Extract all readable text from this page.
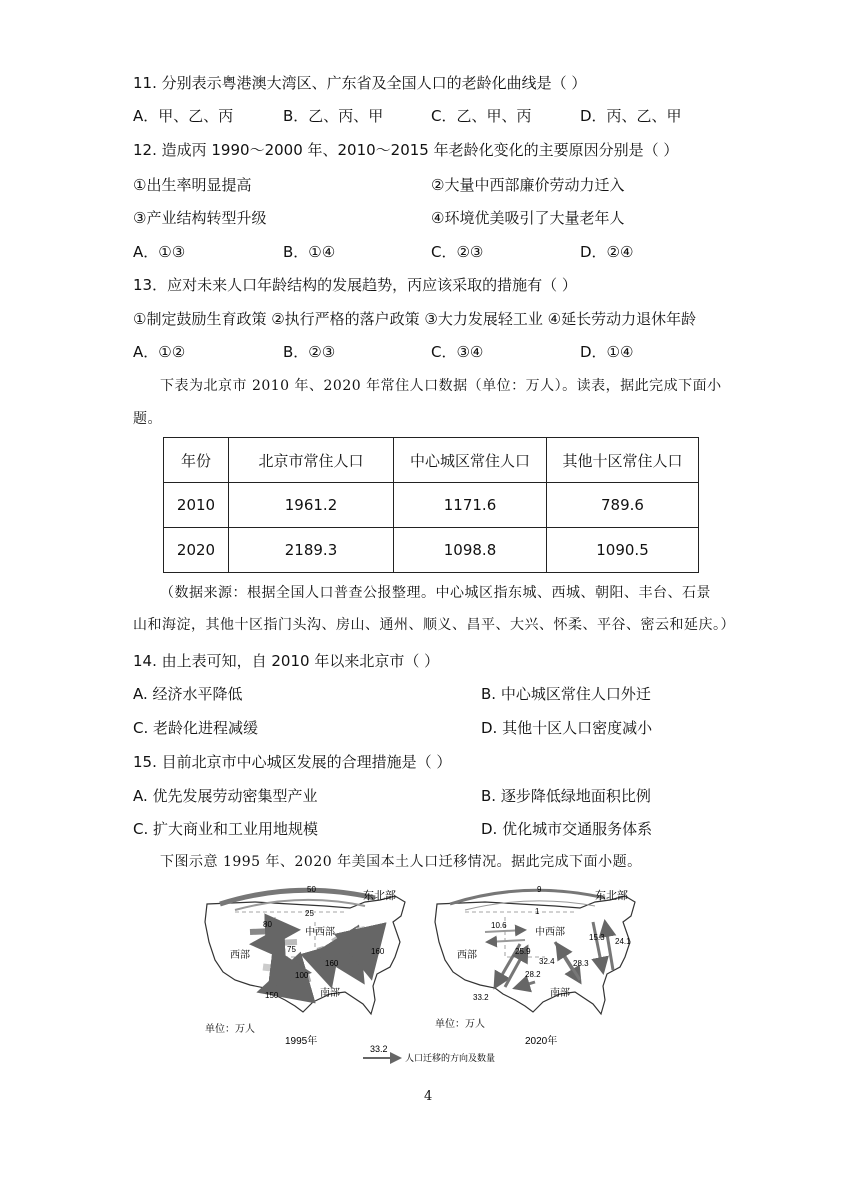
11. 分别表示粤港澳大湾区、广东省及全国人口的老龄化曲线是（ ）
A．甲、乙、丙	B．乙、丙、甲	C．乙、甲、丙	D．丙、乙、甲
12. 造成丙 1990～2000 年、2010～2015 年老龄化变化的主要原因分别是（ ）
①出生率明显提高	②大量中西部廉价劳动力迁入
③产业结构转型升级	④环境优美吸引了大量老年人
A．①③	B．①④	C．②③	D．②④
13．应对未来人口年龄结构的发展趋势，丙应该采取的措施有（ ）
①制定鼓励生育政策 ②执行严格的落户政策 ③大力发展轻工业 ④延长劳动力退休年龄
A．①②	B．②③	C．③④	D．①④
下表为北京市 2010 年、2020 年常住人口数据（单位：万人）。读表，据此完成下面小
题。
年份	北京市常住人口	中心城区常住人口	其他十区常住人口
2010	1961.2	1171.6	789.6
2020	2189.3	1098.8	1090.5
（数据来源：根据全国人口普查公报整理。中心城区指东城、西城、朝阳、丰台、石景
山和海淀，其他十区指门头沟、房山、通州、顺义、昌平、大兴、怀柔、平谷、密云和延庆。）
14. 由上表可知，自 2010 年以来北京市（ ）
A. 经济水平降低	B. 中心城区常住人口外迁
C. 老龄化进程减缓	D. 其他十区人口密度减小
15. 目前北京市中心城区发展的合理措施是（ ）
A. 优先发展劳动密集型产业	B. 逐步降低绿地面积比例
C. 扩大商业和工业用地规模	D. 优化城市交通服务体系
下图示意 1995 年、2020 年美国本土人口迁移情况。据此完成下面小题。
东北部
中西部
西部
南部
50
25
80
75
100
160
150
160
单位：万人
1995年
东北部
中西部
西部
南部
9
1
10.6
25.9
33.2
28.2
32.4 28.3
15.3 24.1
单位：万人
2020年
33.2
人口迁移的方向及数量
4
